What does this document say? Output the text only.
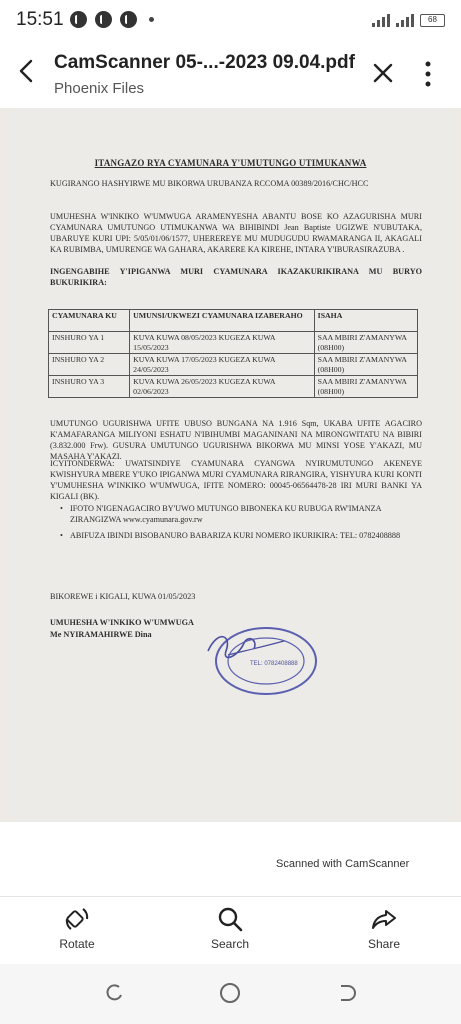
15:51	68
CamScanner 05-...-2023 09.04.pdf
Phoenix Files
ITANGAZO RYA CYAMUNARA Y'UMUTUNGO UTIMUKANWA
KUGIRANGO HASHYIRWE MU BIKORWA URUBANZA RCCOMA 00389/2016/CHC/HCC
UMUHESHA W'INKIKO W'UMWUGA ARAMENYESHA ABANTU BOSE KO AZAGURISHA MURI CYAMUNARA UMUTUNGO UTIMUKANWA WA BIHIBINDI Jean Baptiste UGIZWE N'UBUTAKA, UBARUYE KURI UPI: 5/05/01/06/1577, UHEREREYE MU MUDUGUDU RWAMARANGA II, AKAGALI KA RUBIMBA, UMURENGE WA GAHARA, AKARERE KA KIREHE, INTARA Y'IBURASIRAZUBA .
INGENGABIHE Y'IPIGANWA MURI CYAMUNARA IKAZAKURIKIRANA MU BURYO BUKURIKIRA:
CYAMUNARA KU	UMUNSI/UKWEZI CYAMUNARA IZABERAHO	ISAHA
INSHURO YA 1	KUVA KUWA 08/05/2023 KUGEZA KUWA 15/05/2023	SAA MBIRI Z'AMANYWA (08H00)
INSHURO YA 2	KUVA KUWA 17/05/2023 KUGEZA KUWA 24/05/2023	SAA MBIRI Z'AMANYWA (08H00)
INSHURO YA 3	KUVA KUWA 26/05/2023 KUGEZA KUWA 02/06/2023	SAA MBIRI Z'AMANYWA (08H00)
UMUTUNGO UGURISHWA UFITE UBUSO BUNGANA NA 1.916 Sqm, UKABA UFITE AGACIRO K'AMAFARANGA MILIYONI ESHATU N'IBIHUMBI MAGANINANI NA MIRONGWITATU NA BIBIRI (3.832.000 Frw). GUSURA UMUTUNGO UGURISHWA BIKORWA MU MINSI YOSE Y'AKAZI, MU MASAHA Y'AKAZI.
ICYITONDERWA: UWATSINDIYE CYAMUNARA CYANGWA NYIRUMUTUNGO AKENEYE KWISHYURA MBERE Y'UKO IPIGANWA MURI CYAMUNARA RIRANGIRA, YISHYURA KURI KONTI Y'UMUHESHA W'INKIKO W'UMWUGA, IFITE NOMERO: 00045-06564478-28 IRI MURI BANKI YA KIGALI (BK).
• IFOTO N'IGENAGACIRO BY'UWO MUTUNGO BIBONEKA KU RUBUGA RW'IMANZA ZIRANGIZWA www.cyamunara.gov.rw
• ABIFUZA IBINDI BISOBANURO BABARIZA KURI NOMERO IKURIKIRA: TEL: 0782408888
BIKOREWE i KIGALI, KUWA 01/05/2023
UMUHESHA W'INKIKO W'UMWUGA
Me NYIRAMAHIRWE Dina
TEL: 0782408888
Scanned with CamScanner
Rotate	Search	Share
